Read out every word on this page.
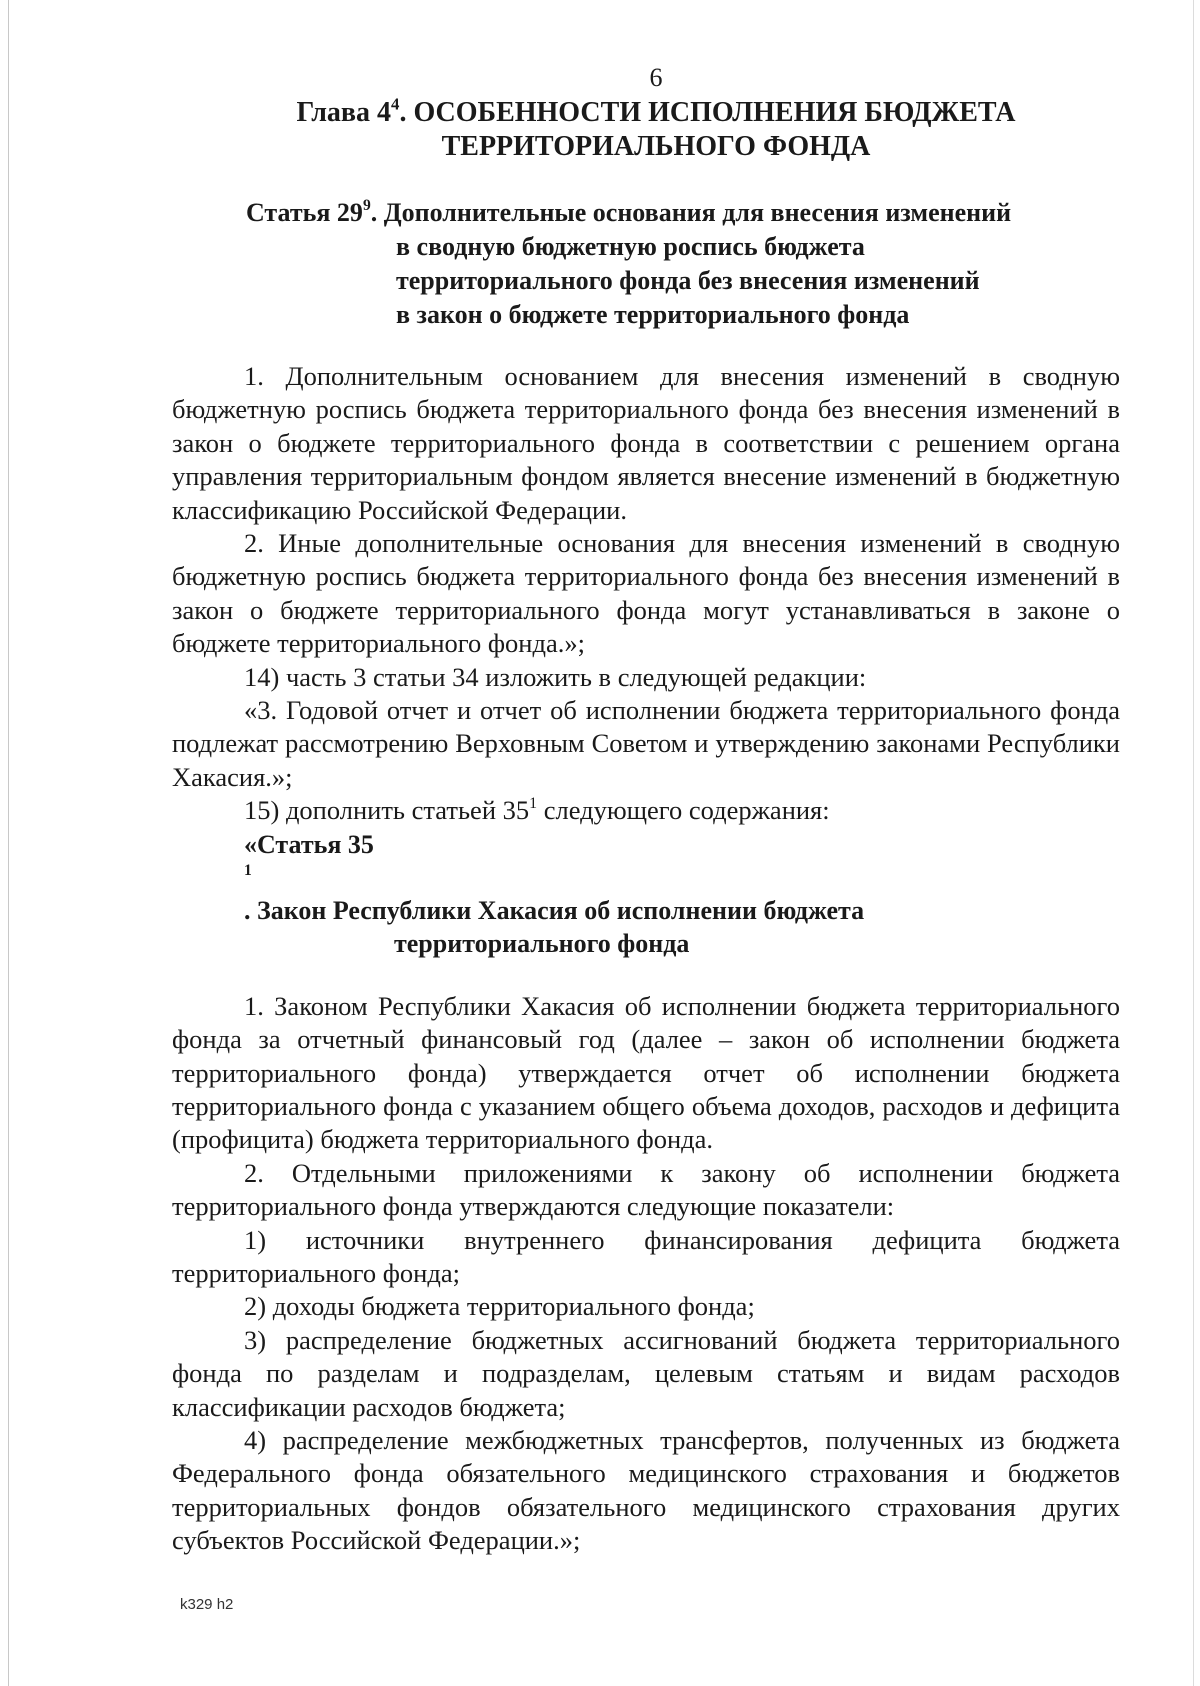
6
Глава $4^4$. ОСОБЕННОСТИ ИСПОЛНЕНИЯ БЮДЖЕТА
ТЕРРИТОРИАЛЬНОГО ФОНДА
Статья $29^9$. Дополнительные основания для внесения изменений
в сводную бюджетную роспись бюджета
территориального фонда без внесения изменений
в закон о бюджете территориального фонда

1. Дополнительным основанием для внесения изменений в сводную бюджетную роспись бюджета территориального фонда без внесения изменений в закон о бюджете территориального фонда в соответствии с решением органа управления территориальным фондом является внесение изменений в бюджетную классификацию Российской Федерации.

2. Иные дополнительные основания для внесения изменений в сводную бюджетную роспись бюджета территориального фонда без внесения изменений в закон о бюджете территориального фонда могут устанавливаться в законе о бюджете территориального фонда.»;

14) часть 3 статьи 34 изложить в следующей редакции:

«3. Годовой отчет и отчет об исполнении бюджета территориального фонда подлежат рассмотрению Верховным Советом и утверждению законами Республики Хакасия.»;

15) дополнить статьей $35^1$ следующего содержания:

«Статья 35
$^1$
. Закон Республики Хакасия об исполнении бюджета
территориального фонда

1. Законом Республики Хакасия об исполнении бюджета территориального фонда за отчетный финансовый год (далее – закон об исполнении бюджета территориального фонда) утверждается отчет об исполнении бюджета территориального фонда с указанием общего объема доходов, расходов и дефицита (профицита) бюджета территориального фонда.

2. Отдельными приложениями к закону об исполнении бюджета территориального фонда утверждаются следующие показатели:

1) источники внутреннего финансирования дефицита бюджета территориального фонда;

2) доходы бюджета территориального фонда;

3) распределение бюджетных ассигнований бюджета территориального фонда по разделам и подразделам, целевым статьям и видам расходов классификации расходов бюджета;

4) распределение межбюджетных трансфертов, полученных из бюджета Федерального фонда обязательного медицинского страхования и бюджетов территориальных фондов обязательного медицинского страхования других субъектов Российской Федерации.»;

k329 h2
